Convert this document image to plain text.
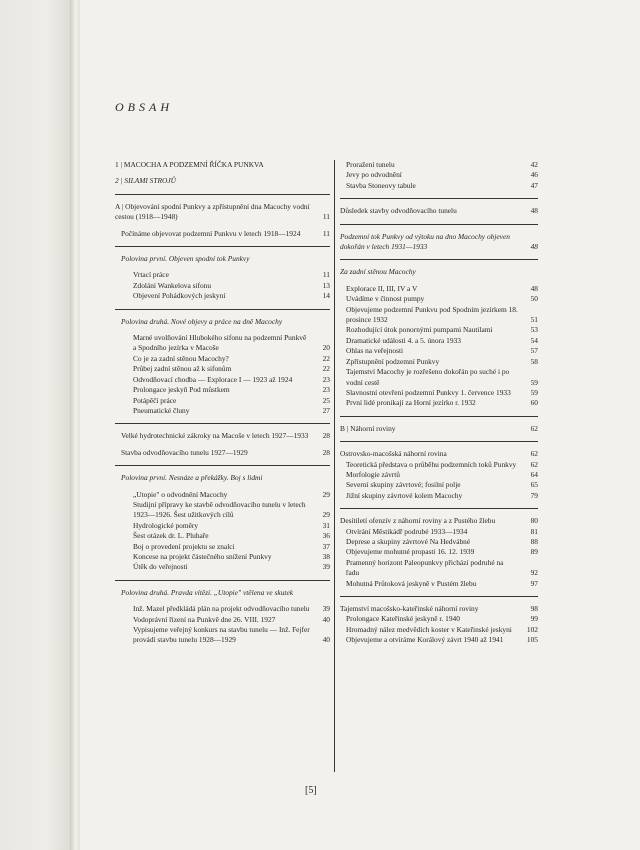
OBSAH
1 | MACOCHA A PODZEMNÍ ŘÍČKA PUNKVA
2 | SILAMI STROJŮ
A | Objevování spodní Punkvy a zpřístupnění dna Macochy vodní cestou (1918—1948)	11
Počínáme objevovat podzemní Punkvu v letech 1918—1924	11
Polovina první. Objeven spodní tok Punkvy
Vrtací práce	11
Zdolání Wankelova sifonu	13
Objevení Pohádkových jeskyní	14
Polovina druhá. Nové objevy a práce na dně Macochy
Marné uvolňování Hlubokého sifonu na podzemní Punkvě a Spodního jezírka v Macoše	20
Co je za zadní stěnou Macochy?	22
Průbej zadní stěnou až k sifonům	22
Odvodňovací chodba — Explorace I — 1923 až 1924	23
Prolongace jeskyň Pod můstkem	23
Potápěčí práce	25
Pneumatické čluny	27
Velké hydrotechnické zákroky na Macoše v letech 1927—1933 28
Stavba odvodňovacího tunelu 1927—1929	28
Polovina první. Nesnáze a překážky. Boj s lidmi
„Utopie" o odvodnění Macochy	29
Studijní přípravy ke stavbě odvodňovacího tunelu v letech 1923—1926. Šest užitkových cílů	29
Hydrologické poměry	31
Šest otázek dr. L. Pluhaře	36
Boj o provedení projektu se znalci	37
Koncese na projekt částečného snížení Punkvy	38
Útěk do veřejnosti	39
Polovina druhá. Pravda vítězí. „Utopie" vtělena ve skutek
Inž. Mazel předkládá plán na projekt odvodňovacího tunelu 39
Vodoprávní řízení na Punkvě dne 26. VIII. 1927	40
Vypisujeme veřejný konkurs na stavbu tunelu — Inž. Fejfer provádí stavbu tunelu 1928—1929	40
Proražení tunelu	42
Jevy po odvodnění	46
Stavba Stoneovy tabule	47
Důsledek stavby odvodňovacího tunelu	48
Podzemní tok Punkvy od výtoku na dno Macochy objeven dokořán v letech 1931—1933	48
Za zadní stěnou Macochy
Explorace II, III, IV a V	48
Uvádíme v činnost pumpy	50
Objevujeme podzemní Punkvu pod Spodním jezírkem 18. prosince 1932	51
Rozhodující útok ponornými pumpami Nautilami	53
Dramatické události 4. a 5. února 1933	54
Ohlas na veřejnosti	57
Zpřístupnění podzemní Punkvy	58
Tajemství Macochy je rozřešeno dokořán po suché i po vodní cestě	59
Slavnostní otevření podzemní Punkvy 1. července 1933	59
První lidé pronikají za Horní jezírko r. 1932	60
B | Náhorní roviny	62
Ostrovsko-macošská náhorní rovina	62
Teoretická představa o průběhu podzemních toků Punkvy 62
Morfologie závrtů	64
Severní skupiny závrtové; fosilní polje	65
Jižní skupiny závrtové kolem Macochy	79
Desítiletí ofenzív z náhorní roviny a z Pustého žlebu	80
Otvírání Městikádř podrubé 1933—1934	81
Deprese a skupiny závrtové Na Hedvábné	88
Objevujeme mohutné propasti 16. 12. 1939	89
Pramenný horizont Paleopunkvy přichází podruhé na řadu	92
Mohutná Průtoková jeskyně v Pustém žlebu	97
Tajemství macošsko-kateřinské náhorní roviny	98
Prolongace Kateřinské jeskyně r. 1940	99
Hromadný nález medvědích koster v Kateřinské jeskyni 102
Objevujeme a otvíráme Korálový závrt 1940 až 1941	105
[5]
